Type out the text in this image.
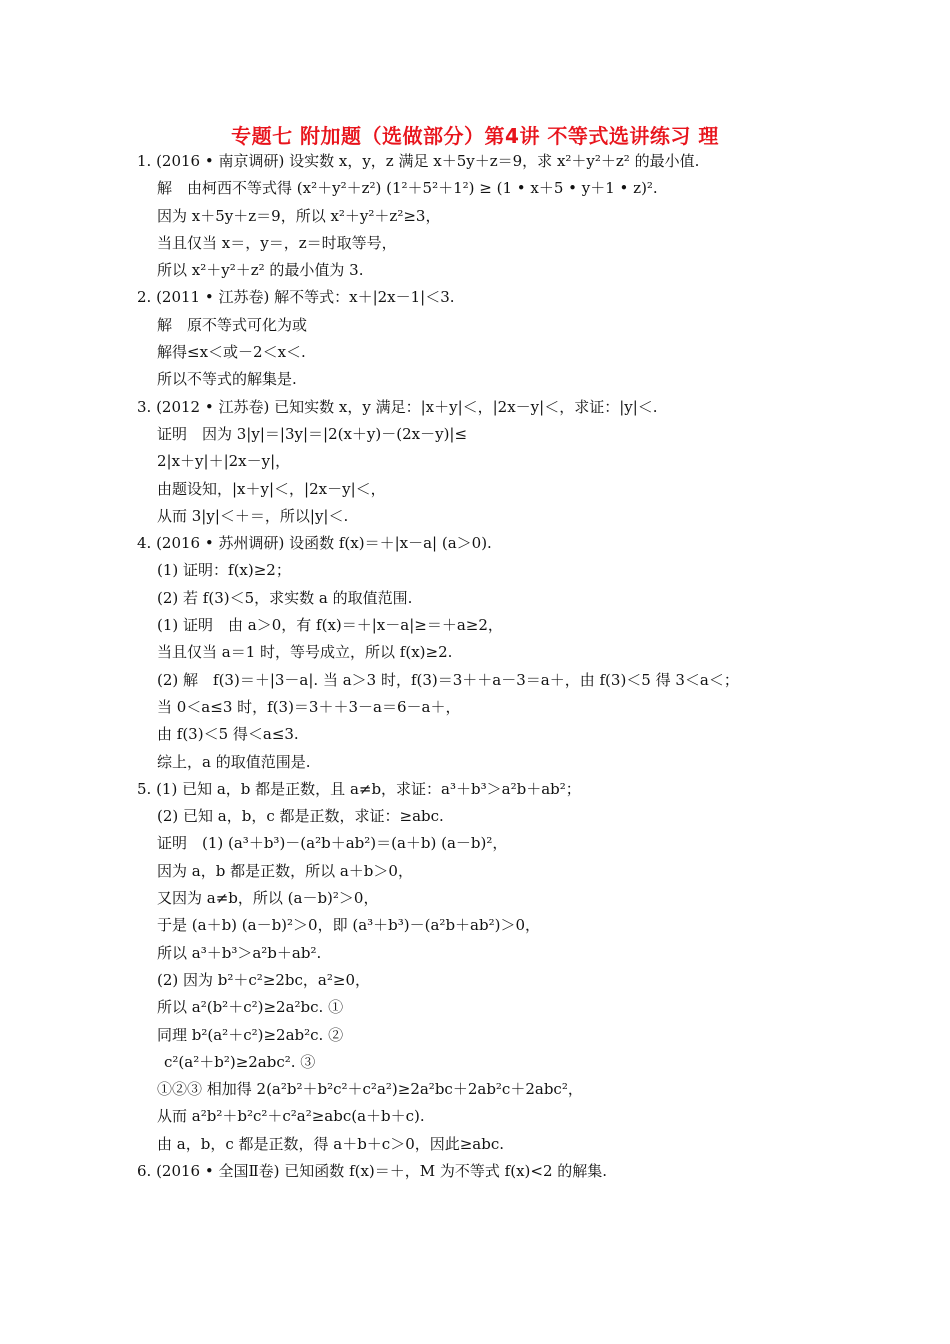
专题七 附加题（选做部分）第4讲 不等式选讲练习 理
1. (2016 • 南京调研) 设实数 x，y，z 满足 x＋5y＋z＝9，求 x²＋y²＋z² 的最小值.
解　由柯西不等式得 (x²＋y²＋z²) (1²＋5²＋1²) ≥ (1 • x＋5 • y＋1 • z)².
因为 x＋5y＋z＝9，所以 x²＋y²＋z²≥3，
当且仅当 x＝，y＝，z＝时取等号，
所以 x²＋y²＋z² 的最小值为 3.
2. (2011 • 江苏卷) 解不等式：x＋|2x－1|＜3.
解　原不等式可化为或
解得≤x＜或－2＜x＜.
所以不等式的解集是.
3. (2012 • 江苏卷) 已知实数 x，y 满足：|x＋y|＜，|2x－y|＜，求证：|y|＜.
证明　因为 3|y|＝|3y|＝|2(x＋y)－(2x－y)|≤
2|x＋y|＋|2x－y|，
由题设知，|x＋y|＜，|2x－y|＜，
从而 3|y|＜＋＝，所以|y|＜.
4. (2016 • 苏州调研) 设函数 f(x)＝＋|x－a| (a＞0).
(1) 证明：f(x)≥2；
(2) 若 f(3)＜5，求实数 a 的取值范围.
(1) 证明　由 a＞0，有 f(x)＝＋|x－a|≥＝＋a≥2，
当且仅当 a＝1 时，等号成立，所以 f(x)≥2.
(2) 解　f(3)＝＋|3－a|. 当 a＞3 时，f(3)＝3＋＋a－3＝a＋，由 f(3)＜5 得 3＜a＜；
当 0＜a≤3 时，f(3)＝3＋＋3－a＝6－a＋，
由 f(3)＜5 得＜a≤3.
综上，a 的取值范围是.
5. (1) 已知 a，b 都是正数，且 a≠b，求证：a³＋b³＞a²b＋ab²；
(2) 已知 a，b，c 都是正数，求证：≥abc.
证明　(1) (a³＋b³)－(a²b＋ab²)＝(a＋b) (a－b)²，
因为 a，b 都是正数，所以 a＋b＞0，
又因为 a≠b，所以 (a－b)²＞0，
于是 (a＋b) (a－b)²＞0，即 (a³＋b³)－(a²b＋ab²)＞0，
所以 a³＋b³＞a²b＋ab².
(2) 因为 b²＋c²≥2bc，a²≥0，
所以 a²(b²＋c²)≥2a²bc. ①
同理 b²(a²＋c²)≥2ab²c. ②
c²(a²＋b²)≥2abc². ③
①②③ 相加得 2(a²b²＋b²c²＋c²a²)≥2a²bc＋2ab²c＋2abc²，
从而 a²b²＋b²c²＋c²a²≥abc(a＋b＋c).
由 a，b，c 都是正数，得 a＋b＋c＞0，因此≥abc.
6. (2016 • 全国Ⅱ卷) 已知函数 f(x)＝＋，M 为不等式 f(x)<2 的解集.
